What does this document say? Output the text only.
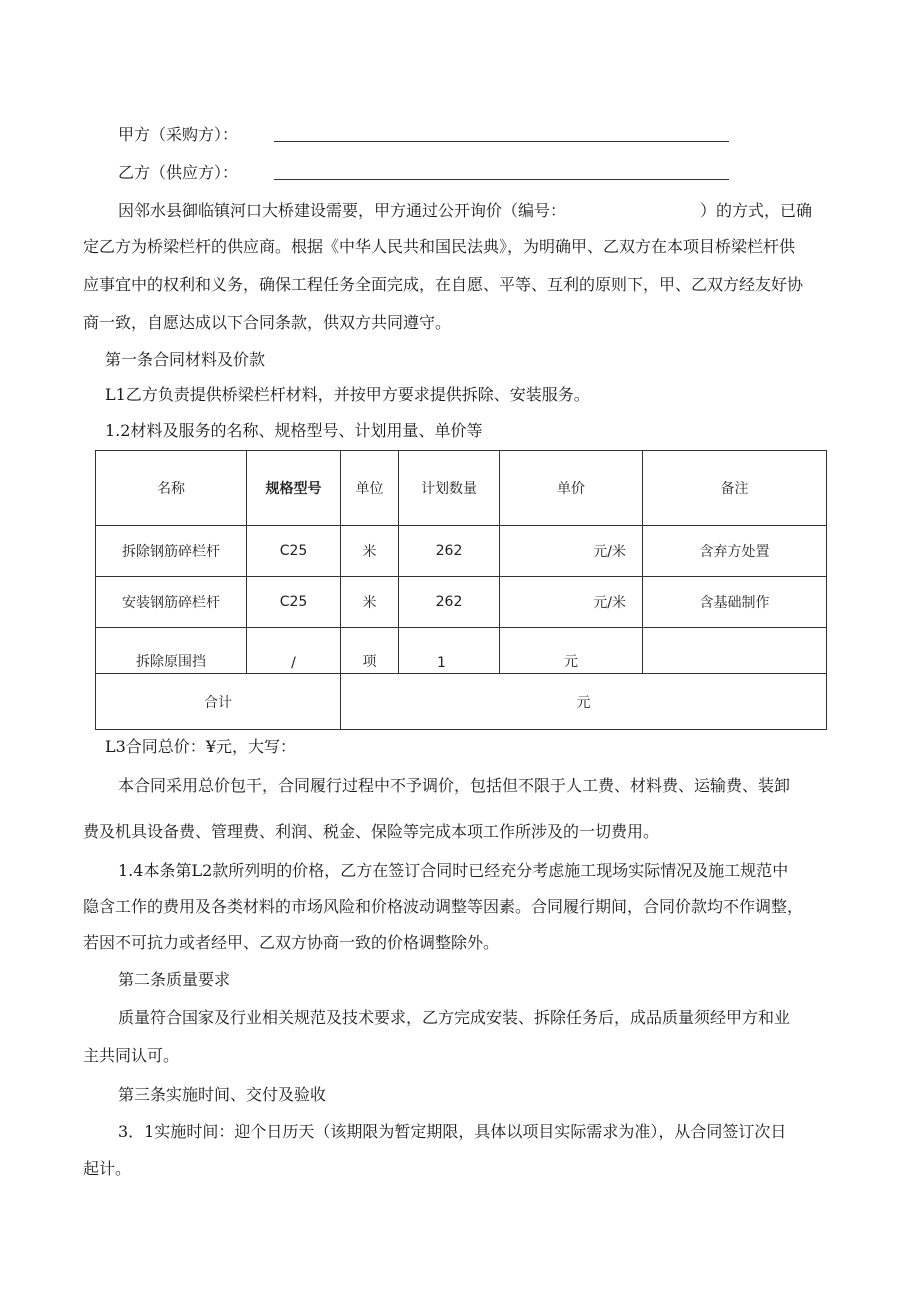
甲方（采购方）：
乙方（供应方）：
因邻水县御临镇河口大桥建设需要，甲方通过公开询价（编号：	）的方式，已确
定乙方为桥梁栏杆的供应商。根据《中华人民共和国民法典》，为明确甲、乙双方在本项目桥梁栏杆供
应事宜中的权利和义务，确保工程任务全面完成，在自愿、平等、互利的原则下，甲、乙双方经友好协
商一致，自愿达成以下合同条款，供双方共同遵守。
第一条合同材料及价款
L1乙方负责提供桥梁栏杆材料，并按甲方要求提供拆除、安装服务。
1.2材料及服务的名称、规格型号、计划用量、单价等
名称	规格型号	单位	计划数量	单价	备注
拆除钢筋碎栏杆	C25	米	262	元/米	含弃方处置
安装钢筋碎栏杆	C25	米	262	元/米	含基础制作
拆除原围挡	/	项	1	元	
合计		元			
L3合同总价：¥元，大写：
本合同采用总价包干，合同履行过程中不予调价，包括但不限于人工费、材料费、运输费、装卸
费及机具设备费、管理费、利润、税金、保险等完成本项工作所涉及的一切费用。
1.4本条第L2款所列明的价格，乙方在签订合同时已经充分考虑施工现场实际情况及施工规范中
隐含工作的费用及各类材料的市场风险和价格波动调整等因素。合同履行期间，合同价款均不作调整，
若因不可抗力或者经甲、乙双方协商一致的价格调整除外。
第二条质量要求
质量符合国家及行业相关规范及技术要求，乙方完成安装、拆除任务后，成品质量须经甲方和业
主共同认可。
第三条实施时间、交付及验收
3．1实施时间：迎个日历天（该期限为暂定期限，具体以项目实际需求为准），从合同签订次日
起计。
